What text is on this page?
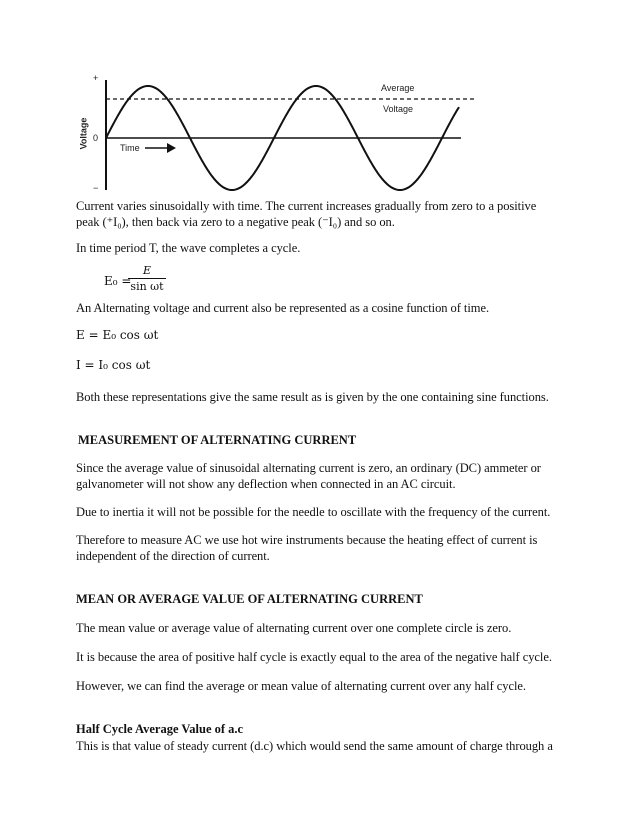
+
−
0
Voltage	Time
Average
Voltage
Current varies sinusoidally with time. The current increases gradually from zero to a positive
peak (⁺I₀), then back via zero to a negative peak (⁻I₀) and so on.
In time period T, the wave completes a cycle.
E₀ =
E
sin ωt
An Alternating voltage and current also be represented as a cosine function of time.
E = E₀ cos ωt
I = I₀ cos ωt
Both these representations give the same result as is given by the one containing sine functions.
MEASUREMENT OF ALTERNATING CURRENT
Since the average value of sinusoidal alternating current is zero, an ordinary (DC) ammeter or
galvanometer will not show any deflection when connected in an AC circuit.
Due to inertia it will not be possible for the needle to oscillate with the frequency of the current.
Therefore to measure AC we use hot wire instruments because the heating effect of current is
independent of the direction of current.
MEAN OR AVERAGE VALUE OF ALTERNATING CURRENT
The mean value or average value of alternating current over one complete circle is zero.
It is because the area of positive half cycle is exactly equal to the area of the negative half cycle.
However, we can find the average or mean value of alternating current over any half cycle.
Half Cycle Average Value of a.c
This is that value of steady current (d.c) which would send the same amount of charge through a
